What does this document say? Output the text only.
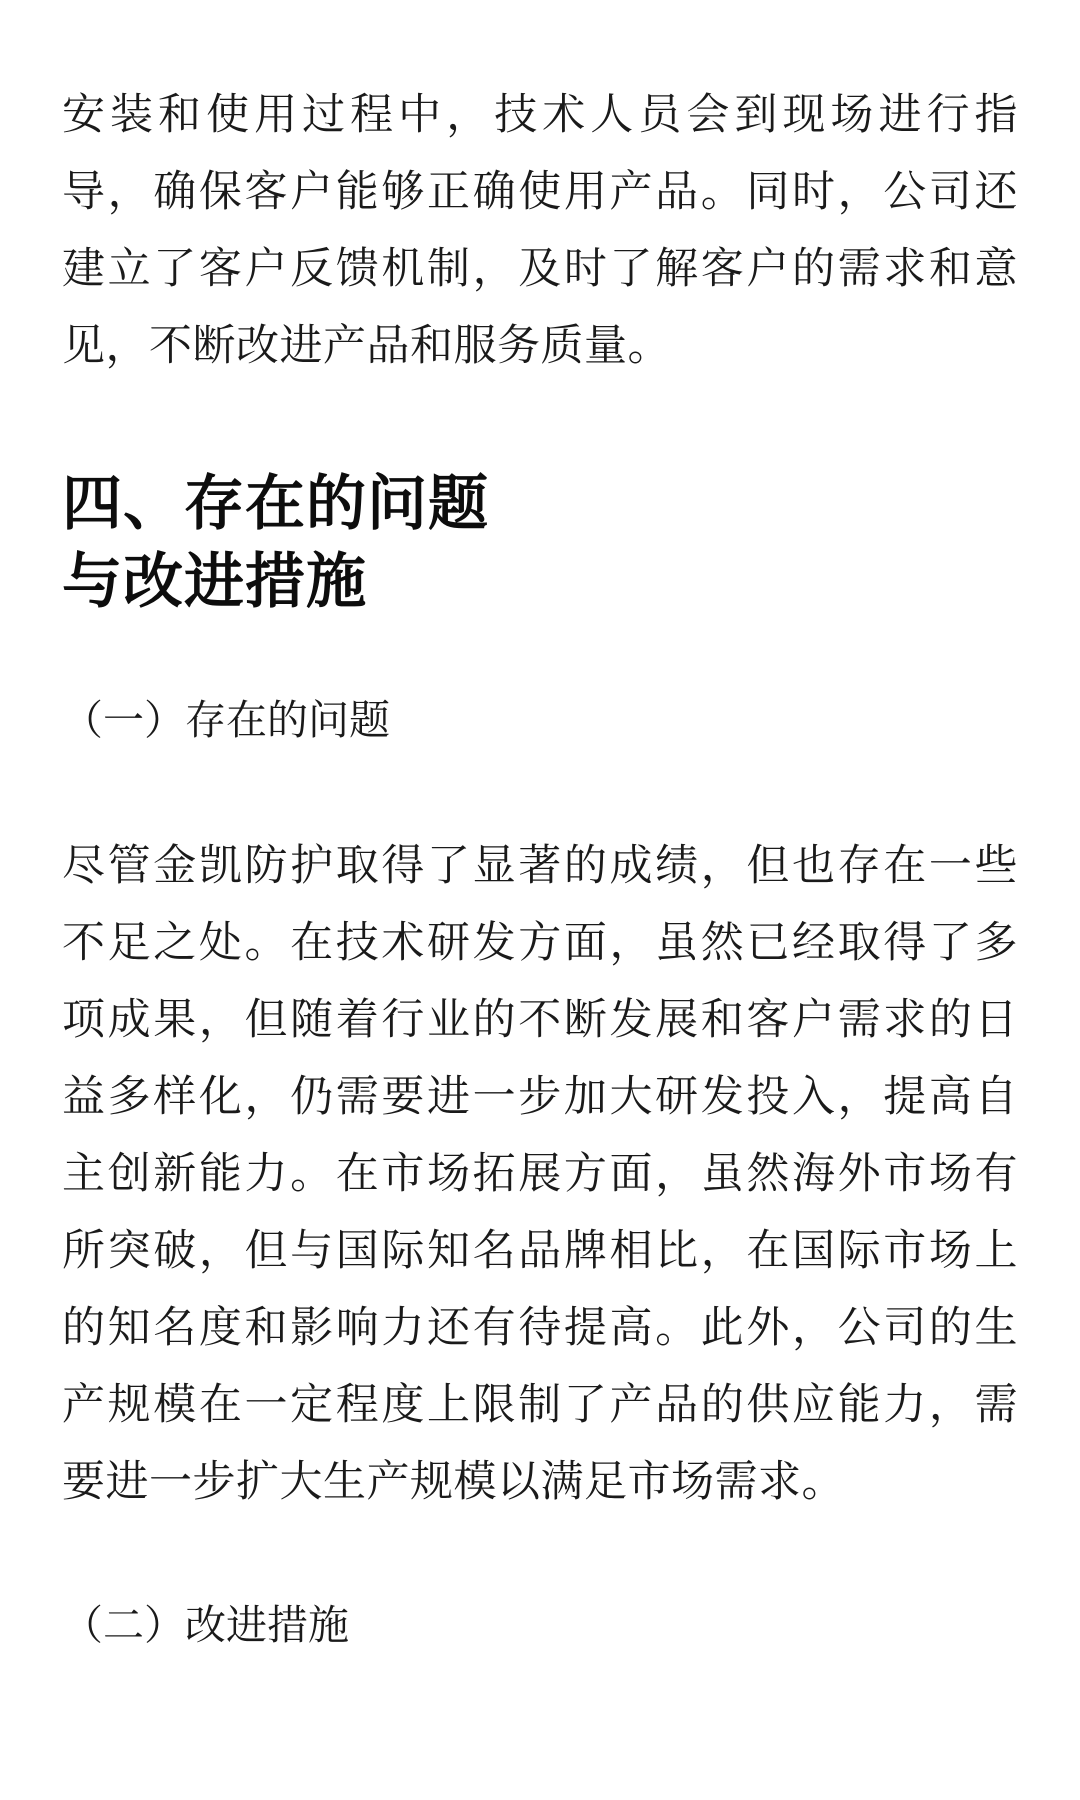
安装和使用过程中，技术人员会到现场进行指导，确保客户能够正确使用产品。同时，公司还建立了客户反馈机制，及时了解客户的需求和意见，不断改进产品和服务质量。

四、存在的问题
与改进措施
（一）存在的问题

尽管金凯防护取得了显著的成绩，但也存在一些不足之处。在技术研发方面，虽然已经取得了多项成果，但随着行业的不断发展和客户需求的日益多样化，仍需要进一步加大研发投入，提高自主创新能力。在市场拓展方面，虽然海外市场有所突破，但与国际知名品牌相比，在国际市场上的知名度和影响力还有待提高。此外，公司的生产规模在一定程度上限制了产品的供应能力，需要进一步扩大生产规模以满足市场需求。

（二）改进措施
